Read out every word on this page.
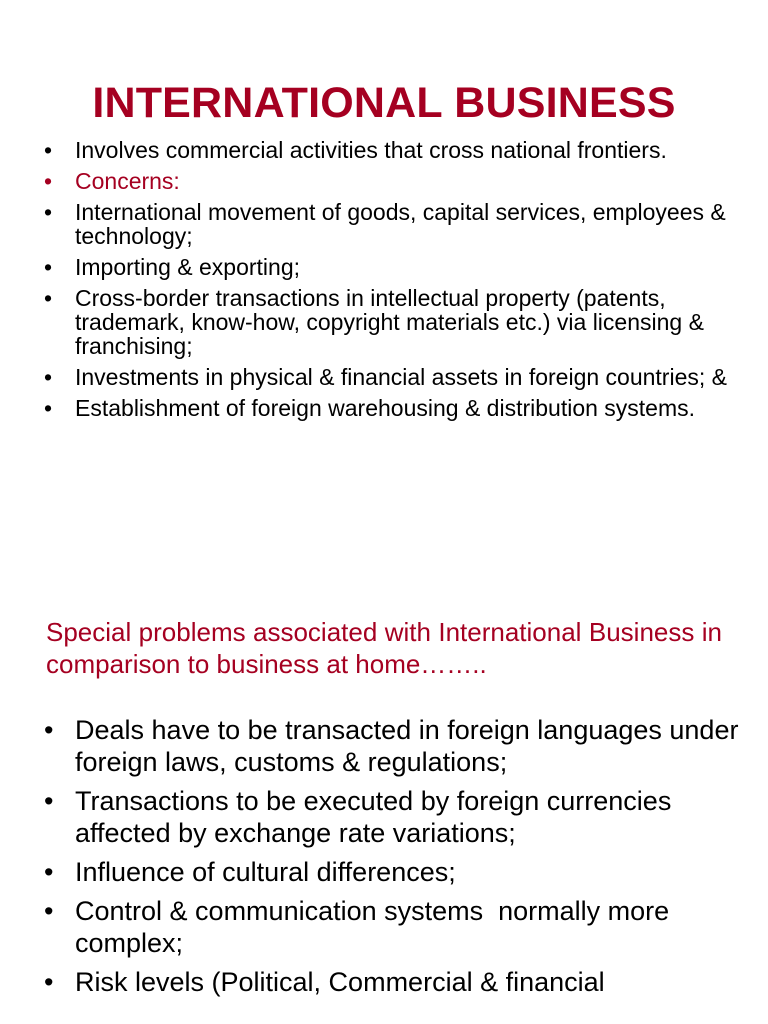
INTERNATIONAL BUSINESS
• Involves commercial activities that cross national frontiers.
• Concerns:
• International movement of goods, capital services, employees & technology;
• Importing & exporting;
• Cross-border transactions in intellectual property (patents, trademark, know-how, copyright materials etc.) via licensing & franchising;
• Investments in physical & financial assets in foreign countries; &
• Establishment of foreign warehousing & distribution systems.
Special problems associated with International Business in comparison to business at home……..
• Deals have to be transacted in foreign languages under foreign laws, customs & regulations;
• Transactions to be executed by foreign currencies affected by exchange rate variations;
• Influence of cultural differences;
• Control & communication systems  normally more complex;
• Risk levels (Political, Commercial & financial
